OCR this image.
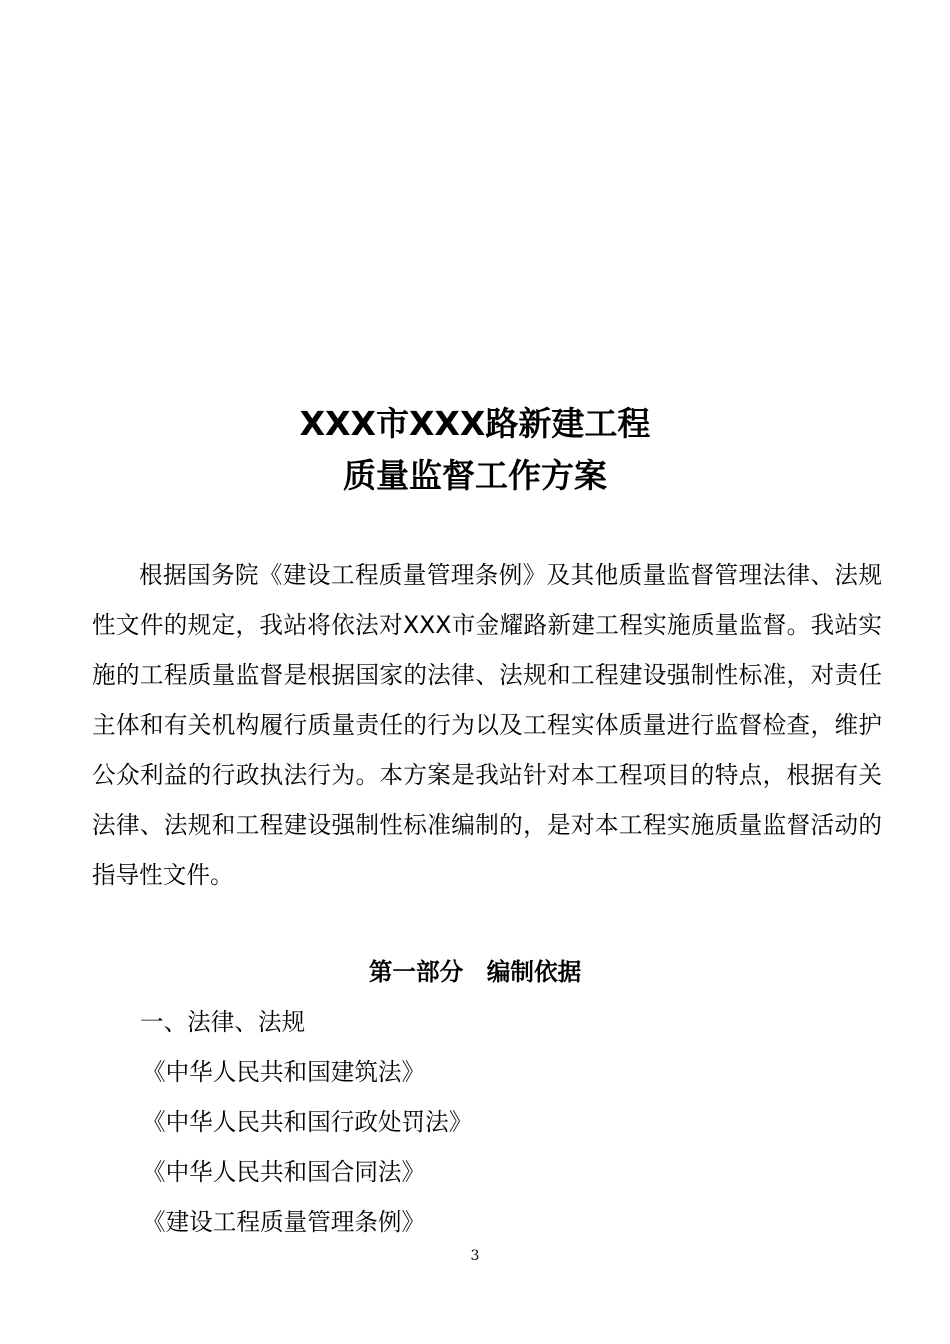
XXX市XXX路新建工程
质量监督工作方案

根据国务院《建设工程质量管理条例》及其他质量监督管理法律、法规性文件的规定，我站将依法对XXX市金耀路新建工程实施质量监督。我站实施的工程质量监督是根据国家的法律、法规和工程建设强制性标准，对责任主体和有关机构履行质量责任的行为以及工程实体质量进行监督检查，维护公众利益的行政执法行为。本方案是我站针对本工程项目的特点，根据有关法律、法规和工程建设强制性标准编制的，是对本工程实施质量监督活动的指导性文件。

第一部分　编制依据
一、法律、法规
《中华人民共和国建筑法》
《中华人民共和国行政处罚法》
《中华人民共和国合同法》
《建设工程质量管理条例》
3
